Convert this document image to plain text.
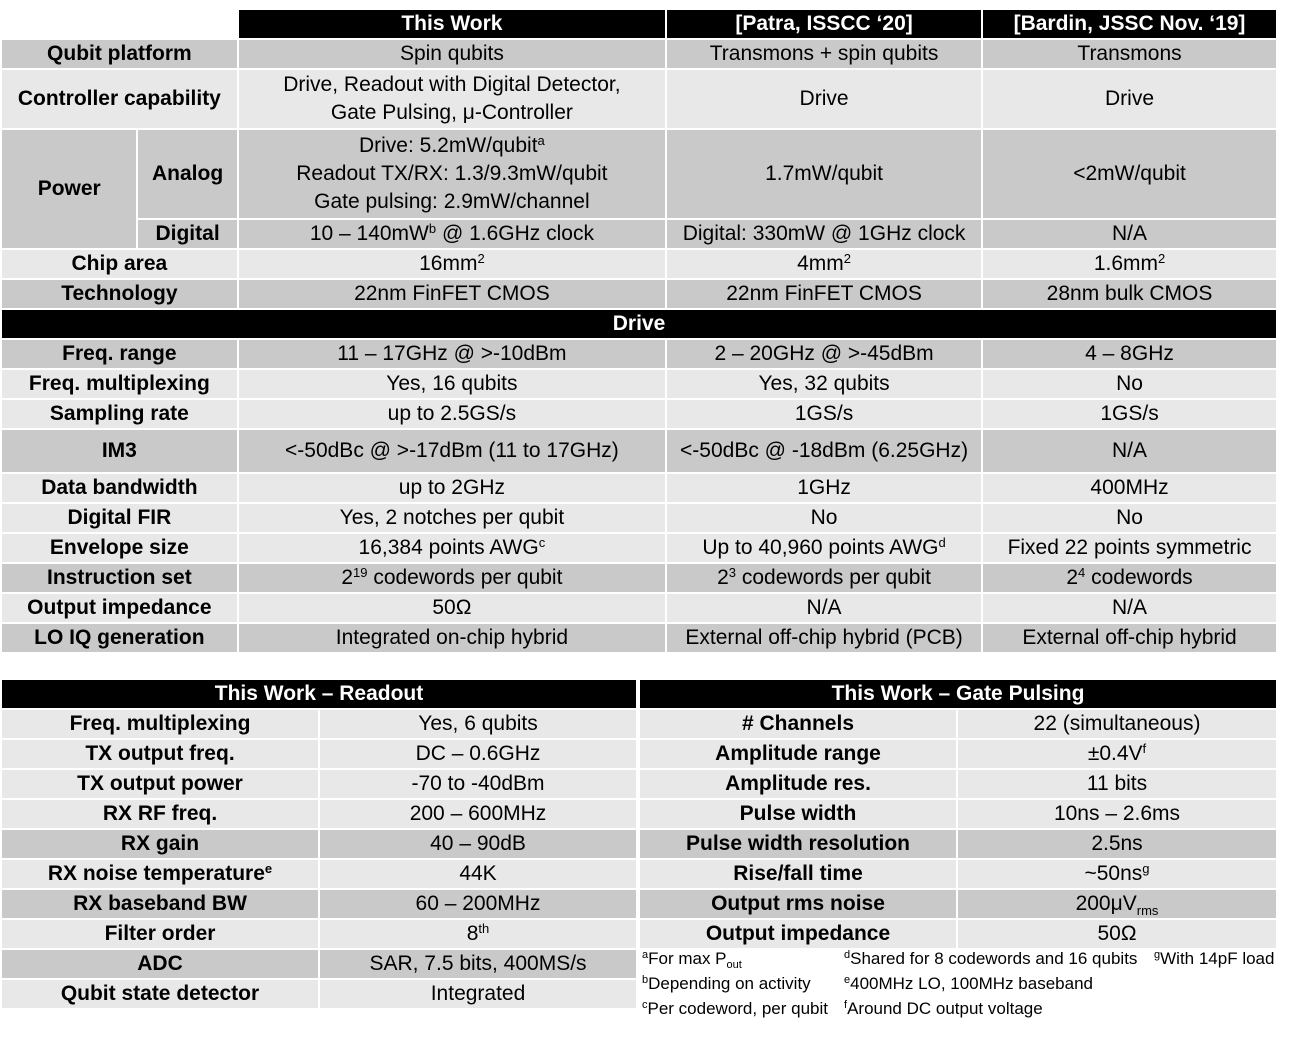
		This Work	[Patra, ISSCC ‘20]	[Bardin, JSSC Nov. ‘19]
Qubit platform		Spin qubits	Transmons + spin qubits	Transmons
Controller capability		Drive, Readout with Digital Detector,
Gate Pulsing, μ-Controller	Drive	Drive
Power	Analog	Drive: 5.2mW/qubit$^a$
Readout TX/RX: 1.3/9.3mW/qubit
Gate pulsing: 2.9mW/channel	1.7mW/qubit	<2mW/qubit
	Digital	$10 - 140mW^b$ @ 1.6GHz clock	Digital: 330mW @ 1GHz clock	N/A
Chip area		$16mm^2$	$4mm^2$	$1.6mm^2$
Technology		22nm FinFET CMOS	22nm FinFET CMOS	28nm bulk CMOS
Drive				
Freq. range		11 – 17GHz @ >-10dBm	2 – 20GHz @ >-45dBm	4 – 8GHz
Freq. multiplexing		Yes, 16 qubits	Yes, 32 qubits	No
Sampling rate		up to 2.5GS/s	1GS/s	1GS/s
IM3		<-50dBc @ >-17dBm (11 to 17GHz)	<-50dBc @ -18dBm (6.25GHz)	N/A
Data bandwidth		up to 2GHz	1GHz	400MHz
Digital FIR		Yes, 2 notches per qubit	No	No
Envelope size		16,384 points AWG$^c$	Up to 40,960 points AWG$^d$	Fixed 22 points symmetric
Instruction set		$2^{19}$ codewords per qubit	$2^3$ codewords per qubit	$2^4$ codewords
Output impedance		50Ω	N/A	N/A
LO IQ generation		Integrated on-chip hybrid	External off-chip hybrid (PCB)	External off-chip hybrid
This Work – Readout	
Freq. multiplexing	Yes, 6 qubits
TX output freq.	DC – 0.6GHz
TX output power	-70 to -40dBm
RX RF freq.	200 – 600MHz
RX gain	40 – 90dB
RX noise temperature$^e$	44K
RX baseband BW	60 – 200MHz
Filter order	8th
ADC	SAR, 7.5 bits, 400MS/s
Qubit state detector	Integrated
This Work – Gate Pulsing	
# Channels	22 (simultaneous)
Amplitude range	$\pm 0.4V^f$
Amplitude res.	11 bits
Pulse width	10ns – 2.6ms
Pulse width resolution	2.5ns
Rise/fall time	$\sim 50ns^g$
Output rms noise	$200\mu V_{rms}$
Output impedance	50Ω
$^a$For $\max P_{out}$
$^b$Depending on activity
$^c$Per codeword, per qubit
$^d$Shared for 8 codewords and 16 qubits
$^e$400MHz LO, 100MHz baseband
$^f$Around DC output voltage
$^g$With 14pF load
